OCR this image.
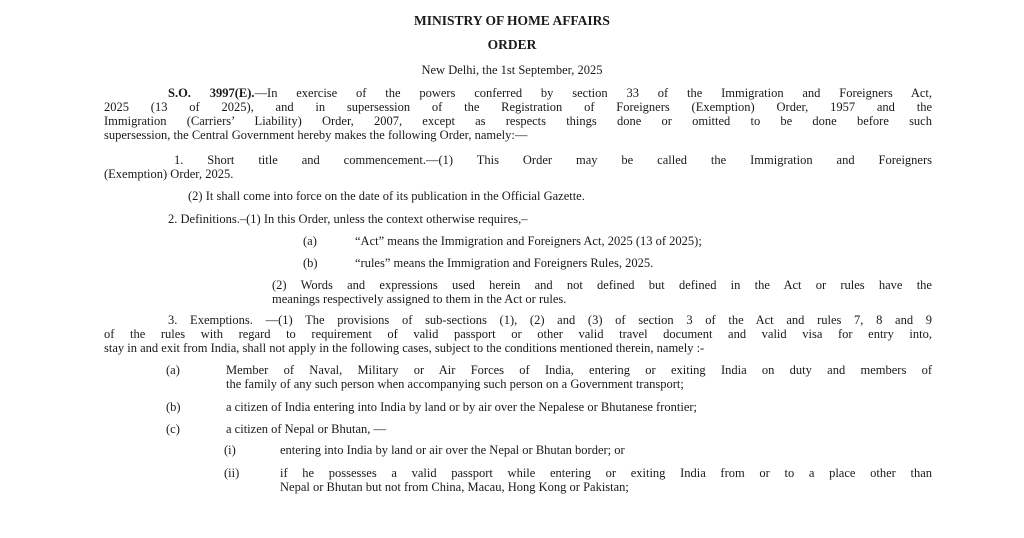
MINISTRY OF HOME AFFAIRS
ORDER
New Delhi, the 1st September, 2025
S.O. 3997(E).—In exercise of the powers conferred by section 33 of the Immigration and Foreigners Act,
2025 (13 of 2025), and in supersession of the Registration of Foreigners (Exemption) Order, 1957 and the
Immigration (Carriers’ Liability) Order, 2007, except as respects things done or omitted to be done before such
supersession, the Central Government hereby makes the following Order, namely:—
1. Short title and commencement.—(1) This Order may be called the Immigration and Foreigners
(Exemption) Order, 2025.
(2) It shall come into force on the date of its publication in the Official Gazette.
2. Definitions.–(1) In this Order, unless the context otherwise requires,–
(a)	“Act” means the Immigration and Foreigners Act, 2025 (13 of 2025);
(b)	“rules” means the Immigration and Foreigners Rules, 2025.
(2) Words and expressions used herein and not defined but defined in the Act or rules have the
meanings respectively assigned to them in the Act or rules.
3. Exemptions. —(1) The provisions of sub-sections (1), (2) and (3) of section 3 of the Act and rules 7, 8 and 9
of the rules with regard to requirement of valid passport or other valid travel document and valid visa for entry into,
stay in and exit from India, shall not apply in the following cases, subject to the conditions mentioned therein, namely :-
(a)	Member of Naval, Military or Air Forces of India, entering or exiting India on duty and members of
the family of any such person when accompanying such person on a Government transport;
(b)	a citizen of India entering into India by land or by air over the Nepalese or Bhutanese frontier;
(c)	a citizen of Nepal or Bhutan, —
(i)	entering into India by land or air over the Nepal or Bhutan border; or
(ii)	if he possesses a valid passport while entering or exiting India from or to a place other than
Nepal or Bhutan but not from China, Macau, Hong Kong or Pakistan;
